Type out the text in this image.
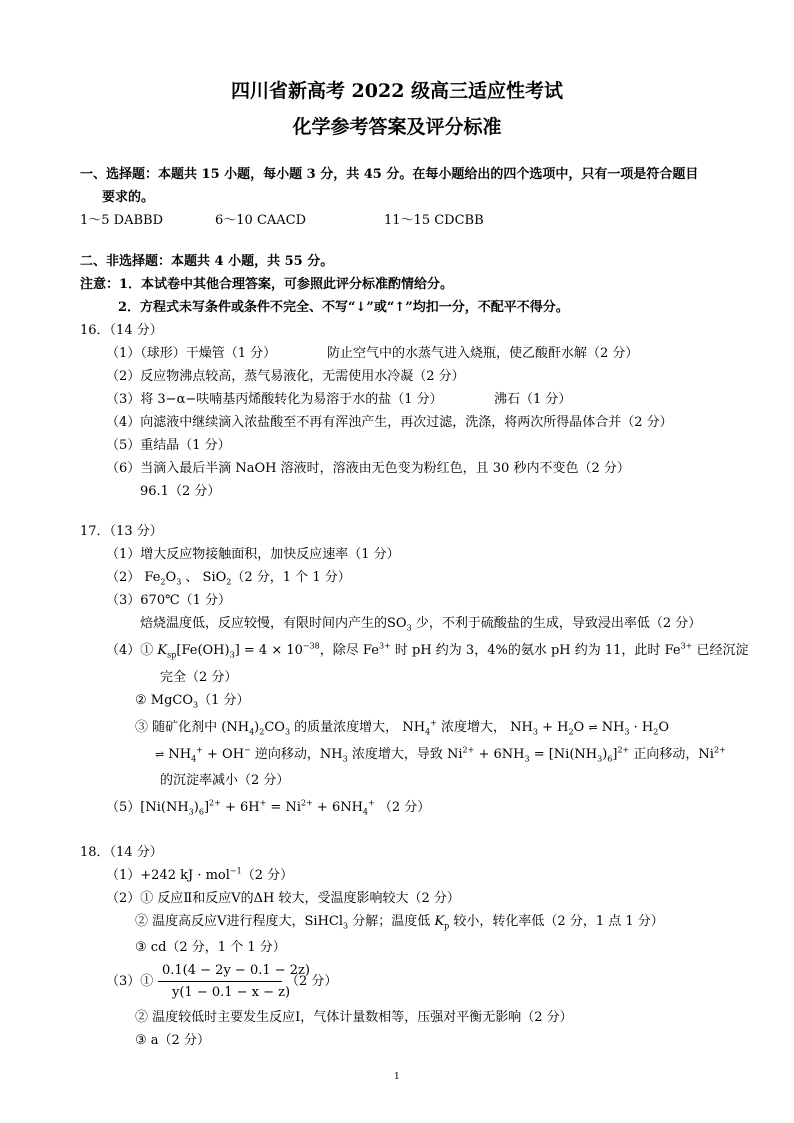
四川省新高考 2022 级高三适应性考试
化学参考答案及评分标准
一、选择题：本题共 15 小题，每小题 3 分，共 45 分。在每小题给出的四个选项中，只有一项是符合题目
要求的。
1～5 DABBD	6～10 CAACD	11～15 CDCBB
二、非选择题：本题共 4 小题，共 55 分。
注意：1．本试卷中其他合理答案，可参照此评分标准酌情给分。
2．方程式未写条件或条件不完全、不写“↓”或“↑”均扣一分，不配平不得分。
16．（14 分）
（1）（球形）干燥管（1 分）	防止空气中的水蒸气进入烧瓶，使乙酸酐水解（2 分）
（2）反应物沸点较高，蒸气易液化，无需使用水冷凝（2 分）
（3）将 3−α−呋喃基丙烯酸转化为易溶于水的盐（1 分）	沸石（1 分）
（4）向滤液中继续滴入浓盐酸至不再有浑浊产生，再次过滤，洗涤，将两次所得晶体合并（2 分）
（5）重结晶（1 分）
（6）当滴入最后半滴 NaOH 溶液时，溶液由无色变为粉红色，且 30 秒内不变色（2 分）
96.1（2 分）
17．（13 分）
（1）增大反应物接触面积，加快反应速率（1 分）
（2） $Fe_2O_3$ 、 SiO$_2$（2 分，1 个 1 分）
（3）670℃（1 分）
焙烧温度低，反应较慢，有限时间内产生的$SO_3$ 少，不利于硫酸盐的生成，导致浸出率低（2 分）
（4）① $K_{sp}[Fe(OH)_3] = 4 \times 10^{-38}$，除尽 $Fe^{3+}$ 时 pH 约为 3，4%的氨水 pH 约为 11，此时 $Fe^{3+}$ 已经沉淀
完全（2 分）
② MgCO$_3$（1 分）
③ 随矿化剂中 $(NH_4)_2CO_3$ 的质量浓度增大， $NH_4^+$ 浓度增大， $NH_3 + H_2O$ ⇌ $NH_3 \cdot H_2O$
⇌ $NH_4^+ + OH^-$ 逆向移动，$NH_3$ 浓度增大，导致 $Ni^{2+} + 6NH_3 = [Ni(NH_3)_6]^{2+}$ 正向移动，$Ni^{2+}$
的沉淀率减小（2 分）
$(5)[Ni(NH_3)_6]^{2+} + 6H^+ = Ni^{2+} + 6NH_4^+$ （2 分）
18．（14 分）
（1）+242 kJ · mol$^{-1}$（2 分）
（2）① 反应Ⅱ和反应Ⅴ的ΔH 较大，受温度影响较大（2 分）
② 温度高反应Ⅴ进行程度大，SiHCl$_3$ 分解；温度低 $K_p$ 较小，转化率低（2 分，1 点 1 分）
③ cd（2 分，1 个 1 分）
（3）①
0.1(4 − 2y − 0.1 − 2z)
y(1 − 0.1 − x − z)
（2 分）
② 温度较低时主要发生反应Ⅰ，气体计量数相等，压强对平衡无影响（2 分）
③ a（2 分）
1
